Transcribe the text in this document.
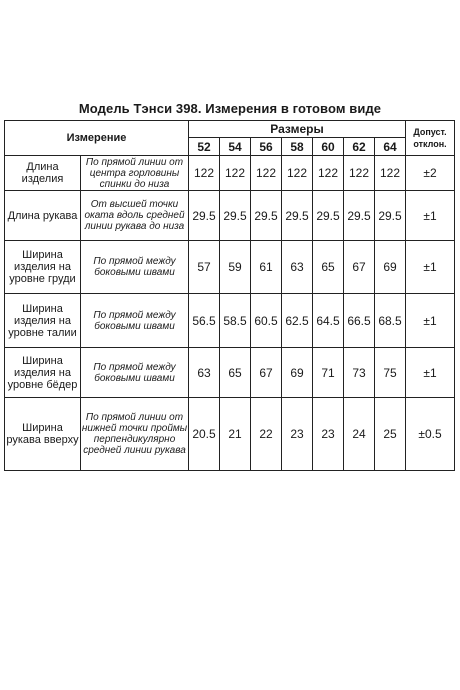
Модель Тэнси 398. Измерения в готовом виде
Измерение		Размеры							Допуст. отклон.
		52	54	56	58	60	62	64	
Длина изделия	По прямой линии от центра горловины спинки до низа	122	122	122	122	122	122	122	±2
Длина рукава	От высшей точки оката вдоль средней линии рукава до низа	29.5	29.5	29.5	29.5	29.5	29.5	29.5	±1
Ширина изделия на уровне груди	По прямой между боковыми швами	57	59	61	63	65	67	69	±1
Ширина изделия на уровне талии	По прямой между боковыми швами	56.5	58.5	60.5	62.5	64.5	66.5	68.5	±1
Ширина изделия на уровне бёдер	По прямой между боковыми швами	63	65	67	69	71	73	75	±1
Ширина рукава вверху	По прямой линии от нижней точки проймы перпендикулярно средней линии рукава	20.5	21	22	23	23	24	25	±0.5
